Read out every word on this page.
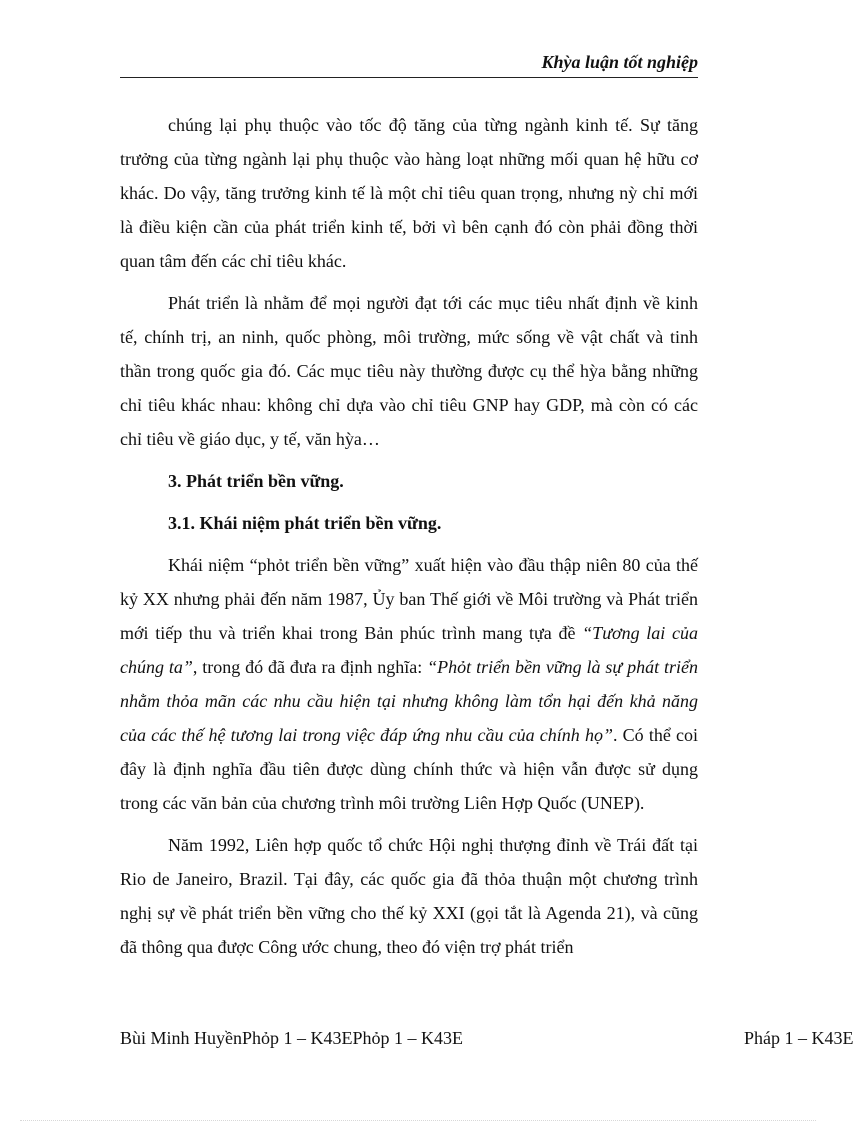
Khỳa luận tốt nghiệp

chúng lại phụ thuộc vào tốc độ tăng của từng ngành kinh tế. Sự tăng trưởng của từng ngành lại phụ thuộc vào hàng loạt những mối quan hệ hữu cơ khác. Do vậy, tăng trưởng kinh tế là một chỉ tiêu quan trọng, nhưng nỳ chỉ mới là điều kiện cần của phát triển kinh tế, bởi vì bên cạnh đó còn phải đồng thời quan tâm đến các chỉ tiêu khác.

Phát triển là nhằm để mọi người đạt tới các mục tiêu nhất định về kinh tế, chính trị, an ninh, quốc phòng, môi trường, mức sống về vật chất và tinh thần trong quốc gia đó. Các mục tiêu này thường được cụ thể hỳa bằng những chỉ tiêu khác nhau: không chỉ dựa vào chỉ tiêu GNP hay GDP, mà còn có các chỉ tiêu về giáo dục, y tế, văn hỳa…

3. Phát triển bền vững.
3.1. Khái niệm phát triển bền vững.

Khái niệm “phỏt triển bền vững” xuất hiện vào đầu thập niên 80 của thế kỷ XX nhưng phải đến năm 1987, Ủy ban Thế giới về Môi trường và Phát triển mới tiếp thu và triển khai trong Bản phúc trình mang tựa đề “Tương lai của chúng ta”, trong đó đã đưa ra định nghĩa: “Phỏt triển bền vững là sự phát triển nhằm thỏa mãn các nhu cầu hiện tại nhưng không làm tổn hại đến khả năng của các thế hệ tương lai trong việc đáp ứng nhu cầu của chính họ”. Có thể coi đây là định nghĩa đầu tiên được dùng chính thức và hiện vẫn được sử dụng trong các văn bản của chương trình môi trường Liên Hợp Quốc (UNEP).

Năm 1992, Liên hợp quốc tổ chức Hội nghị thượng đỉnh về Trái đất tại Rio de Janeiro, Brazil. Tại đây, các quốc gia đã thỏa thuận một chương trình nghị sự về phát triển bền vững cho thế kỷ XXI (gọi tắt là Agenda 21), và cũng đã thông qua được Công ước chung, theo đó viện trợ phát triển

Bùi Minh HuyềnPhỏp 1 – K43EPhỏp 1 – K43E	Pháp 1 – K43E
